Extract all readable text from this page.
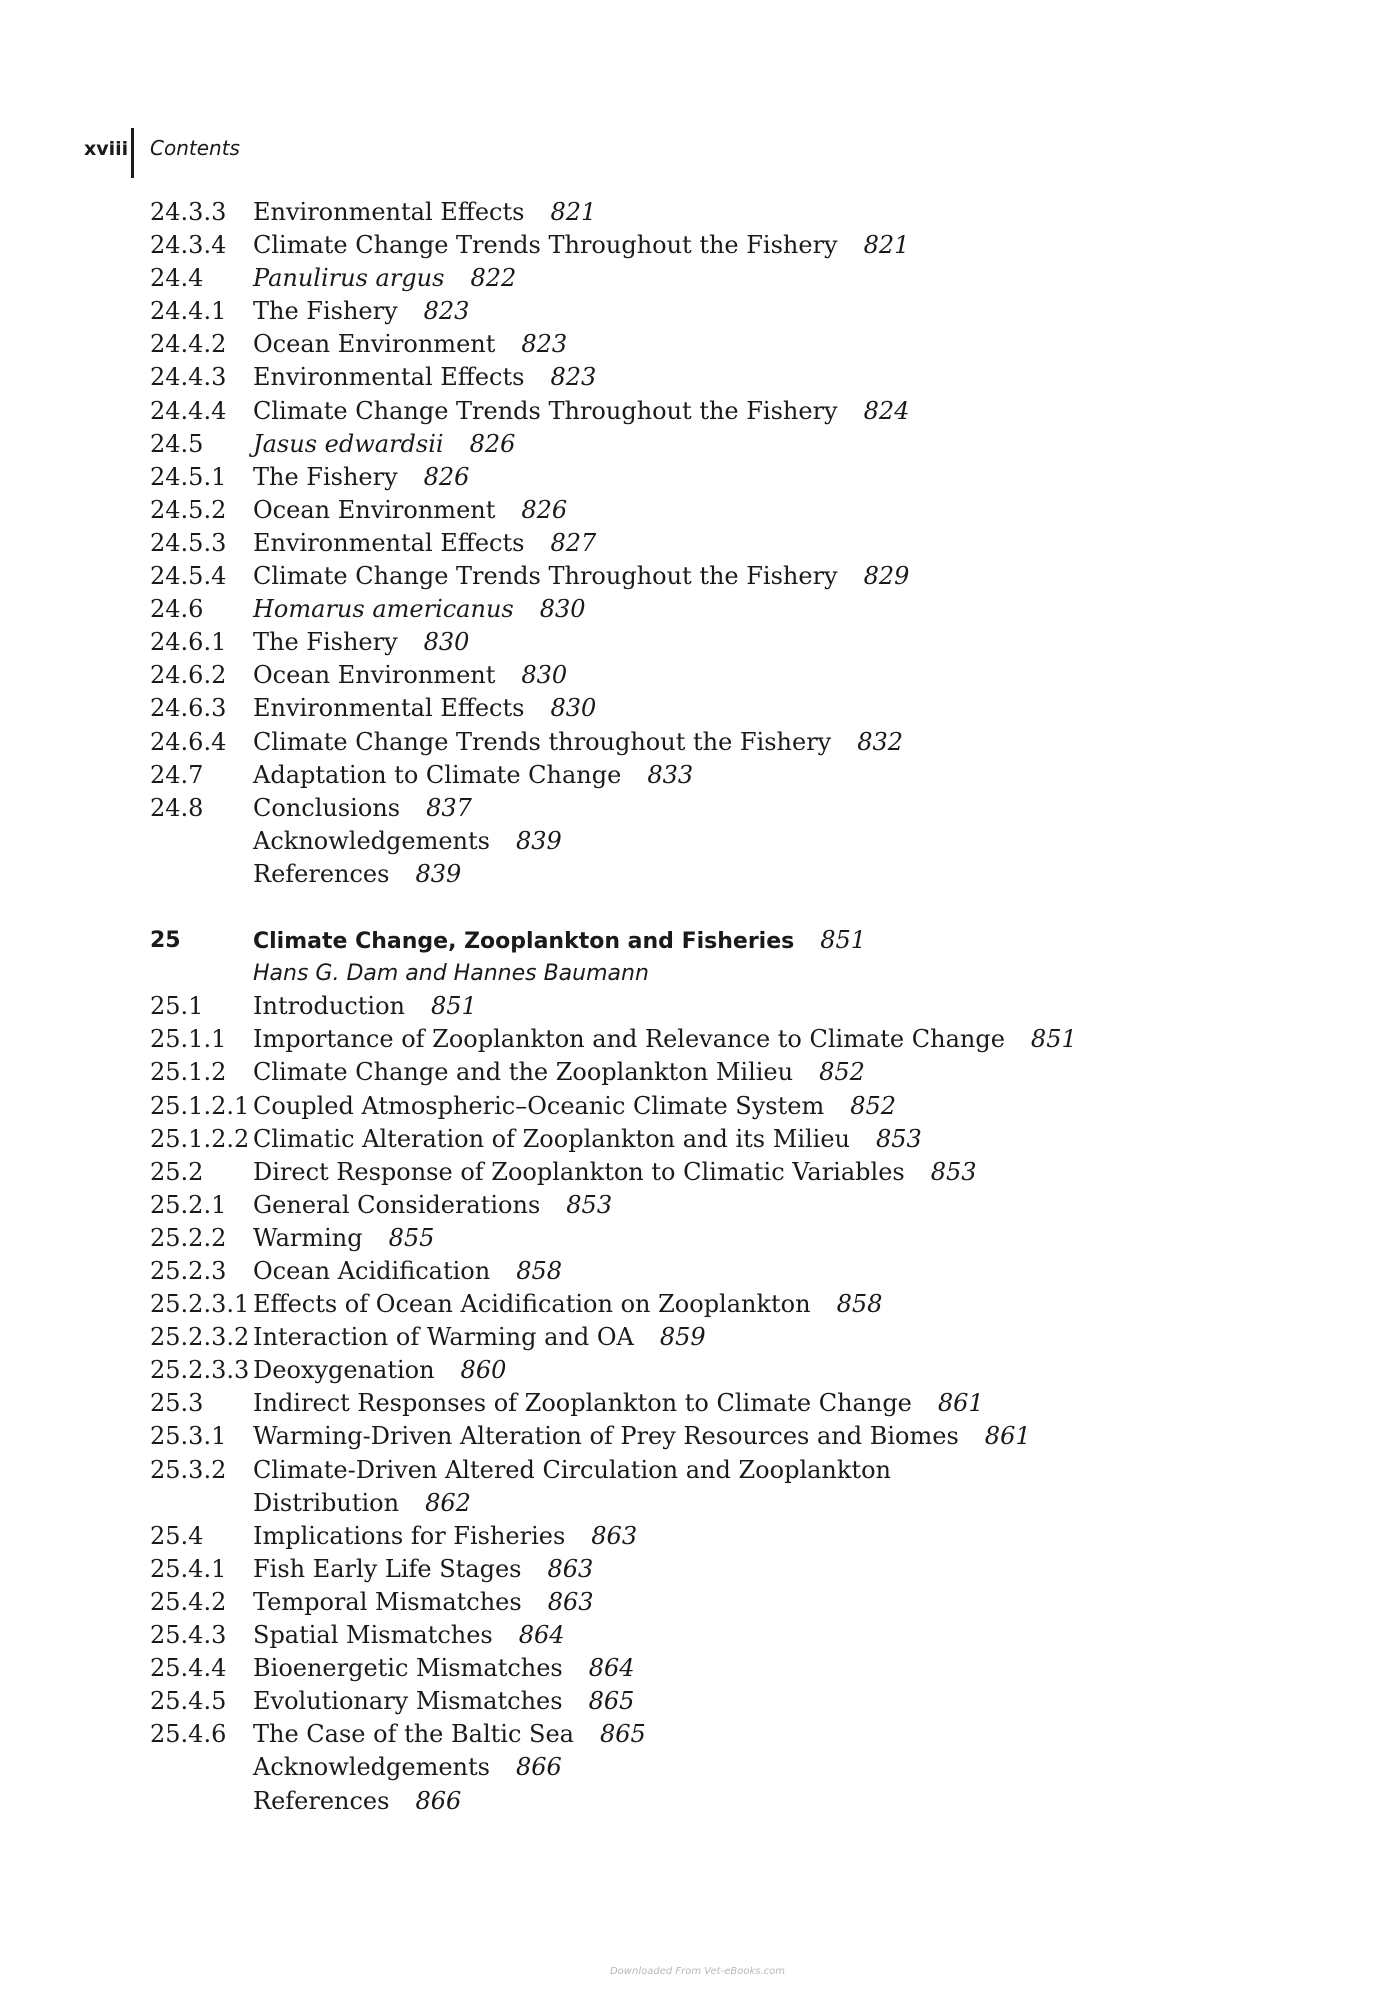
xviii Contents
24.3.3 Environmental Effects 821
24.3.4 Climate Change Trends Throughout the Fishery 821
24.4 Panulirus argus 822
24.4.1 The Fishery 823
24.4.2 Ocean Environment 823
24.4.3 Environmental Effects 823
24.4.4 Climate Change Trends Throughout the Fishery 824
24.5 Jasus edwardsii 826
24.5.1 The Fishery 826
24.5.2 Ocean Environment 826
24.5.3 Environmental Effects 827
24.5.4 Climate Change Trends Throughout the Fishery 829
24.6 Homarus americanus 830
24.6.1 The Fishery 830
24.6.2 Ocean Environment 830
24.6.3 Environmental Effects 830
24.6.4 Climate Change Trends throughout the Fishery 832
24.7 Adaptation to Climate Change 833
24.8 Conclusions 837
Acknowledgements 839
References 839
25	Climate Change, Zooplankton and Fisheries 851
Hans G. Dam and Hannes Baumann
25.1 Introduction 851
25.1.1 Importance of Zooplankton and Relevance to Climate Change 851
25.1.2 Climate Change and the Zooplankton Milieu 852
25.1.2.1 Coupled Atmospheric–Oceanic Climate System 852
25.1.2.2 Climatic Alteration of Zooplankton and its Milieu 853
25.2 Direct Response of Zooplankton to Climatic Variables 853
25.2.1 General Considerations 853
25.2.2 Warming 855
25.2.3 Ocean Acidification 858
25.2.3.1 Effects of Ocean Acidification on Zooplankton 858
25.2.3.2 Interaction of Warming and OA 859
25.2.3.3 Deoxygenation 860
25.3 Indirect Responses of Zooplankton to Climate Change 861
25.3.1 Warming-Driven Alteration of Prey Resources and Biomes 861
25.3.2 Climate-Driven Altered Circulation and Zooplankton
Distribution 862
25.4 Implications for Fisheries 863
25.4.1 Fish Early Life Stages 863
25.4.2 Temporal Mismatches 863
25.4.3 Spatial Mismatches 864
25.4.4 Bioenergetic Mismatches 864
25.4.5 Evolutionary Mismatches 865
25.4.6 The Case of the Baltic Sea 865
Acknowledgements 866
References 866
Downloaded From Vet-eBooks.com
